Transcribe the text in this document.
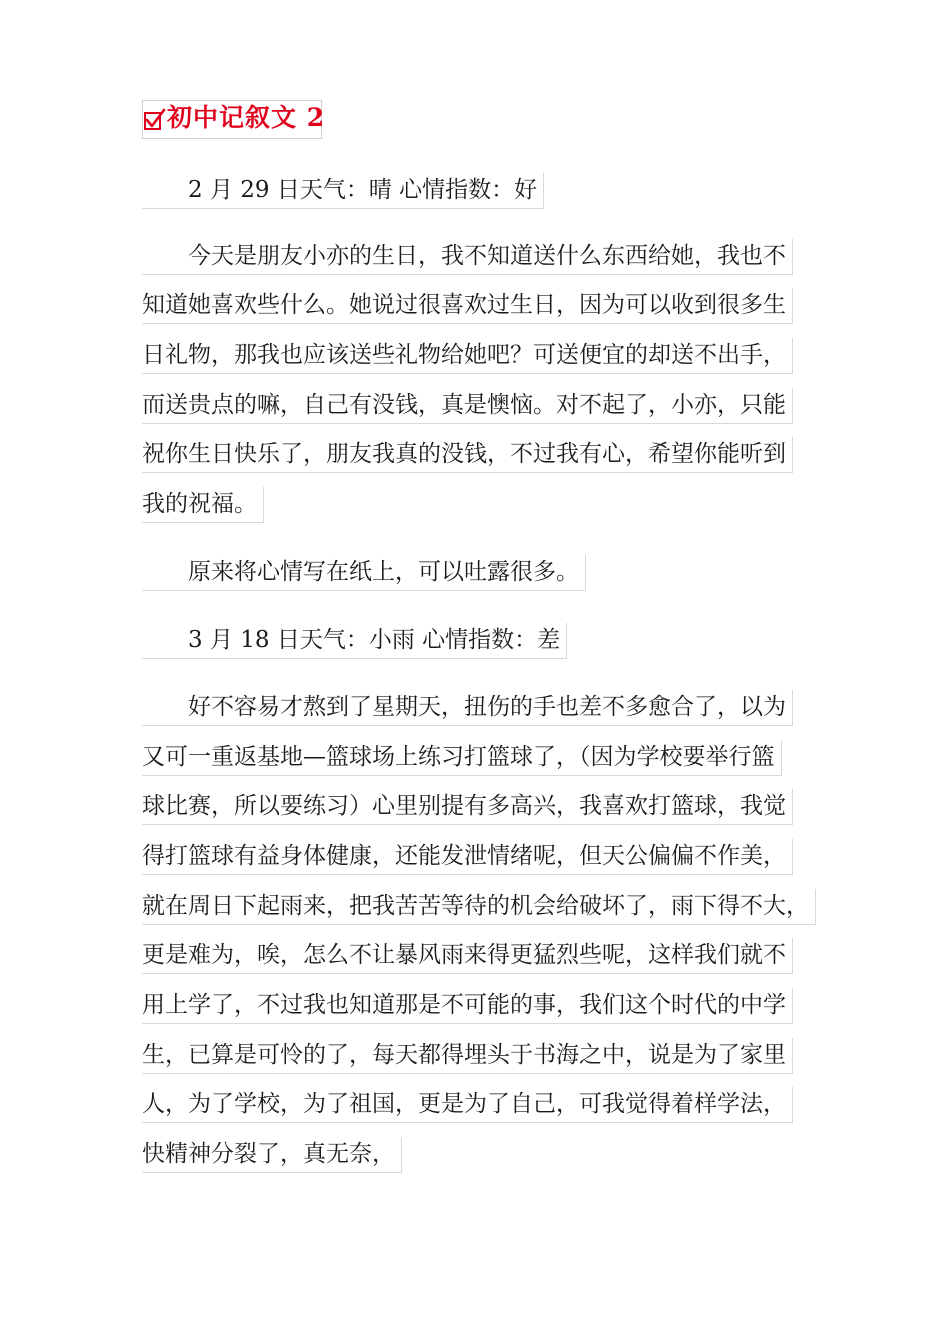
初中记叙文 2
2 月 29 日天气：晴 心情指数：好
今天是朋友小亦的生日，我不知道送什么东西给她，我也不
知道她喜欢些什么。她说过很喜欢过生日，因为可以收到很多生
日礼物，那我也应该送些礼物给她吧？可送便宜的却送不出手，
而送贵点的嘛，自己有没钱，真是懊恼。对不起了，小亦，只能
祝你生日快乐了，朋友我真的没钱，不过我有心，希望你能听到
我的祝福。
原来将心情写在纸上，可以吐露很多。
3 月 18 日天气：小雨 心情指数：差
好不容易才熬到了星期天，扭伤的手也差不多愈合了，以为
又可一重返基地—篮球场上练习打篮球了，（因为学校要举行篮
球比赛，所以要练习）心里别提有多高兴，我喜欢打篮球，我觉
得打篮球有益身体健康，还能发泄情绪呢，但天公偏偏不作美，
就在周日下起雨来，把我苦苦等待的机会给破坏了，雨下得不大，
更是难为，唉，怎么不让暴风雨来得更猛烈些呢，这样我们就不
用上学了，不过我也知道那是不可能的事，我们这个时代的中学
生，已算是可怜的了，每天都得埋头于书海之中，说是为了家里
人，为了学校，为了祖国，更是为了自己，可我觉得着样学法，
快精神分裂了，真无奈，
